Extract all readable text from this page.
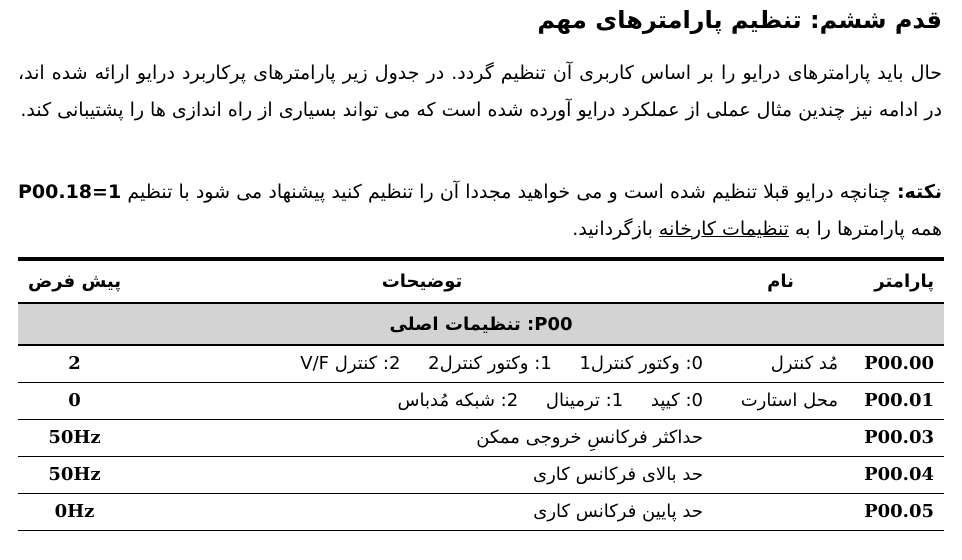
قدم ششم: تنظیم پارامترهای مهم

حال باید پارامترهای درایو را بر اساس کاربری آن تنظیم گردد. در جدول زیر پارامترهای پرکاربرد درایو ارائه شده اند، در ادامه نیز چندین مثال عملی از عملکرد درایو آورده شده است که می تواند بسیاری از راه اندازی ها را پشتیبانی کند.

نکته: چنانچه درایو قبلا تنظیم شده است و می خواهید مجددا آن را تنظیم کنید پیشنهاد می شود با تنظیم P00.18=1 همه پارامترها را به تنظیمات کارخانه بازگردانید.

پارامتر	نام	توضیحات	پیش فرض
P00: تنظیمات اصلی			
P00.00	مُد کنترل	0: وکتور کنترل1 1: وکتور کنترل2 2: کنترل V/F	2
P00.01	محل استارت	0: کیپد 1: ترمینال 2: شبکه مُدباس	0
P00.03		حداکثر فرکانسِ خروجی ممکن	50Hz
P00.04		حد بالای فرکانس کاری	50Hz
P00.05		حد پایین فرکانس کاری	0Hz
